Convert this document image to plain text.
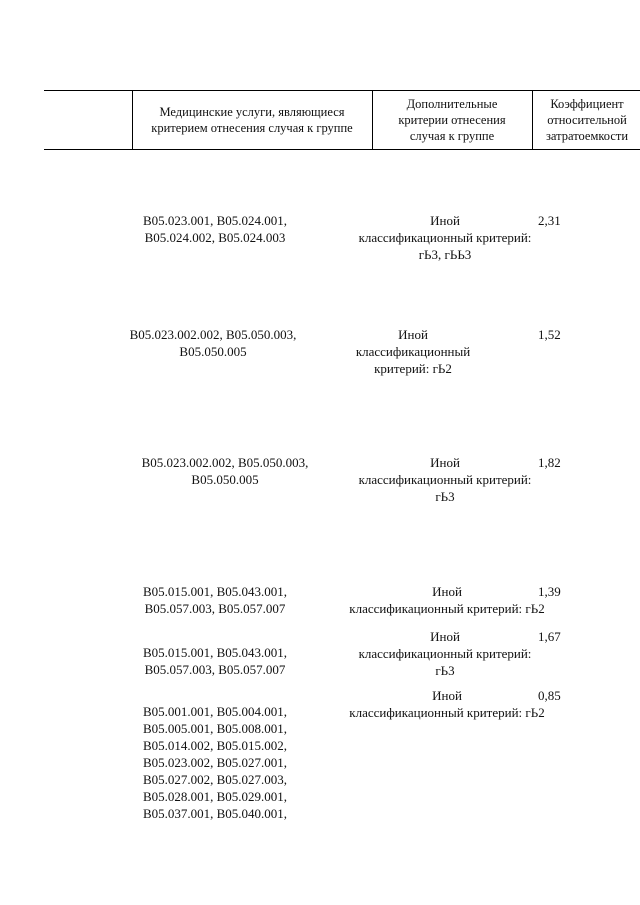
Медицинские услуги, являющиеся
критерием отнесения случая к группе
Дополнительные
критерии отнесения
случая к группе
Коэффициент
относительной
затратоемкости
B05.023.001, B05.024.001,
B05.024.002, B05.024.003
Иной
классификационный критерий:
гЬ3, гЬЬ3
2,31
B05.023.002.002, B05.050.003,
B05.050.005
Иной
классификационный
критерий: гЬ2
1,52
B05.023.002.002, B05.050.003,
B05.050.005
Иной
классификационный критерий:
гЬ3
1,82
B05.015.001, B05.043.001,
B05.057.003, B05.057.007
Иной
классификационный критерий: гЬ2
1,39
B05.015.001, B05.043.001,
B05.057.003, B05.057.007
Иной
классификационный критерий:
гЬ3
1,67
B05.001.001, B05.004.001,
B05.005.001, B05.008.001,
B05.014.002, B05.015.002,
B05.023.002, B05.027.001,
B05.027.002, B05.027.003,
B05.028.001, B05.029.001,
B05.037.001, B05.040.001,
Иной
классификационный критерий: гЬ2
0,85
